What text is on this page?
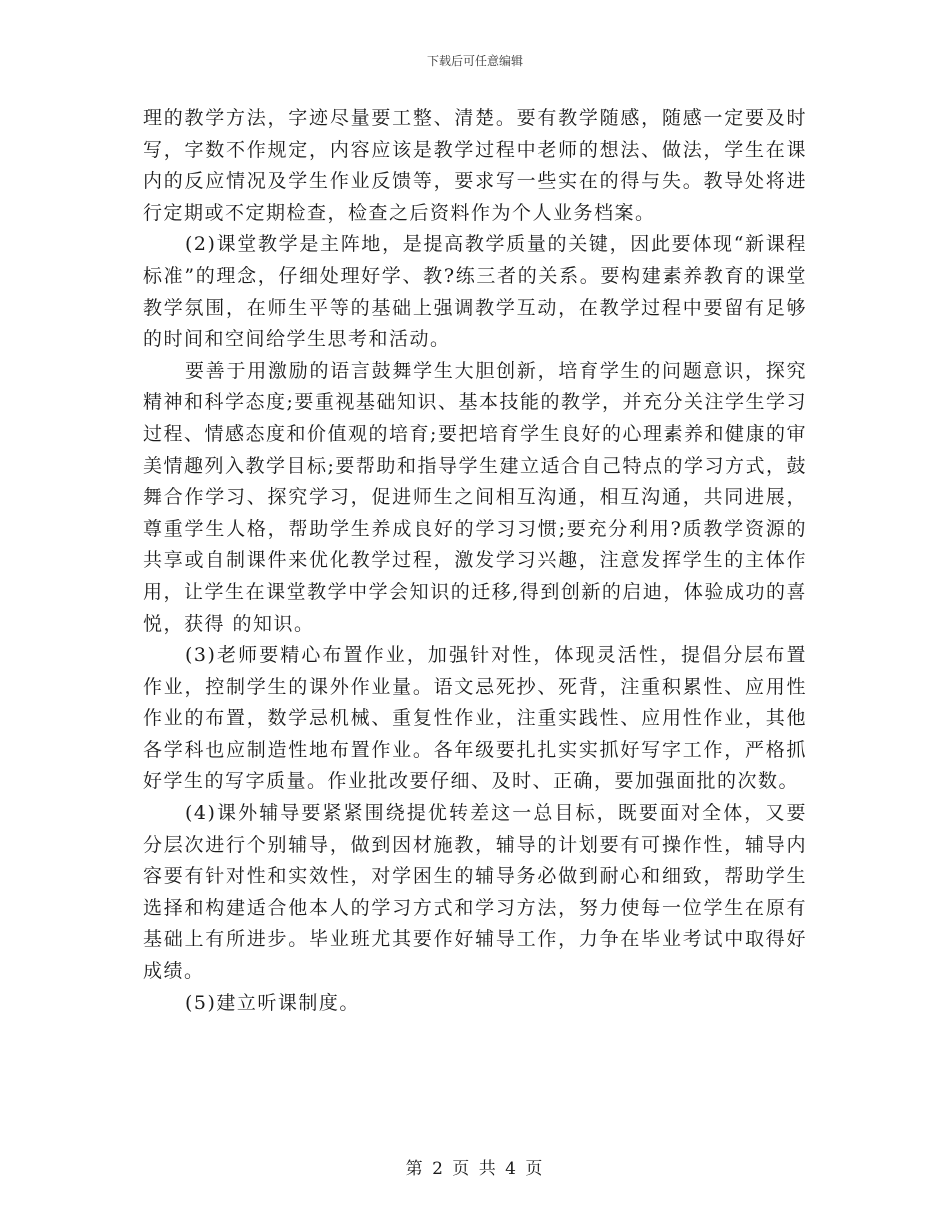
下载后可任意编辑

理的教学方法，字迹尽量要工整、清楚。要有教学随感，随感一定要及时写，字数不作规定，内容应该是教学过程中老师的想法、做法，学生在课内的反应情况及学生作业反馈等，要求写一些实在的得与失。教导处将进行定期或不定期检查，检查之后资料作为个人业务档案。

(2)课堂教学是主阵地，是提高教学质量的关键，因此要体现“新课程标准”的理念，仔细处理好学、教?练三者的关系。要构建素养教育的课堂教学氛围，在师生平等的基础上强调教学互动，在教学过程中要留有足够的时间和空间给学生思考和活动。

要善于用激励的语言鼓舞学生大胆创新，培育学生的问题意识，探究精神和科学态度;要重视基础知识、基本技能的教学，并充分关注学生学习过程、情感态度和价值观的培育;要把培育学生良好的心理素养和健康的审美情趣列入教学目标;要帮助和指导学生建立适合自己特点的学习方式，鼓舞合作学习、探究学习，促进师生之间相互沟通，相互沟通，共同进展，尊重学生人格，帮助学生养成良好的学习习惯;要充分利用?质教学资源的共享或自制课件来优化教学过程，激发学习兴趣，注意发挥学生的主体作用，让学生在课堂教学中学会知识的迁移,得到创新的启迪，体验成功的喜悦，获得 的知识。

(3)老师要精心布置作业，加强针对性，体现灵活性，提倡分层布置作业，控制学生的课外作业量。语文忌死抄、死背，注重积累性、应用性作业的布置，数学忌机械、重复性作业，注重实践性、应用性作业，其他各学科也应制造性地布置作业。各年级要扎扎实实抓好写字工作，严格抓好学生的写字质量。作业批改要仔细、及时、正确，要加强面批的次数。

(4)课外辅导要紧紧围绕提优转差这一总目标，既要面对全体，又要分层次进行个别辅导，做到因材施教，辅导的计划要有可操作性，辅导内容要有针对性和实效性，对学困生的辅导务必做到耐心和细致，帮助学生选择和构建适合他本人的学习方式和学习方法，努力使每一位学生在原有基础上有所进步。毕业班尤其要作好辅导工作，力争在毕业考试中取得好成绩。

(5)建立听课制度。

第 2 页 共 4 页
